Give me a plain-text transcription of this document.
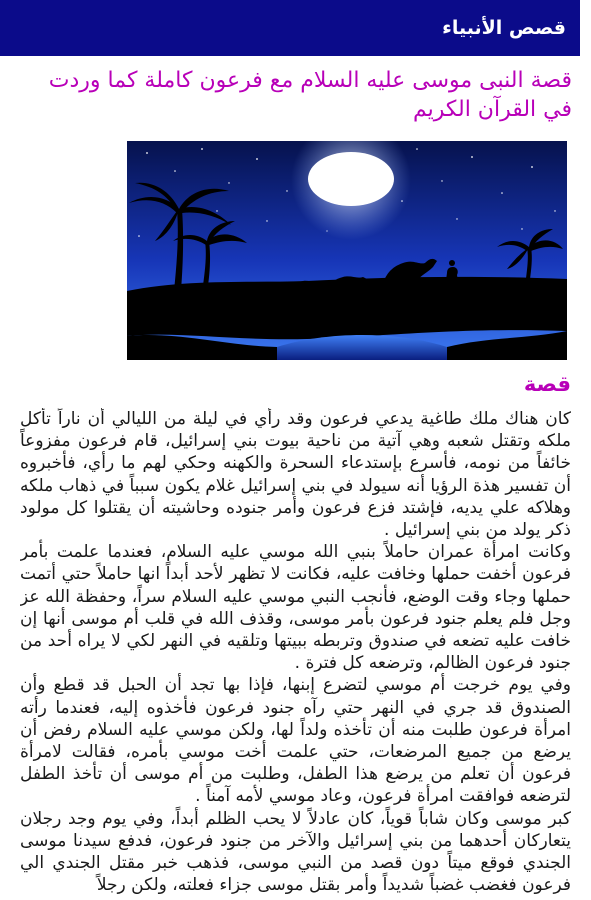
قصص الأنبياء
قصة النبى موسى عليه السلام مع فرعون كاملة كما وردت في القرآن الكريم
قصة
كان هناك ملك طاغية يدعي فرعون وقد رأي في ليلة من الليالي أن ناراً تأكل ملكه وتقتل شعبه وهي آتية من ناحية بيوت بني إسرائيل، قام فرعون مفزوعاً خائفاً من نومه، فأسرع بإستدعاء السحرة والكهنه وحكي لهم ما رأي، فأخبروه أن تفسير هذة الرؤيا أنه سيولد في بني إسرائيل غلام يكون سبباً في ذهاب ملكه وهلاكه علي يديه، فإشتد فزع فرعون وأمر جنوده وحاشيته أن يقتلوا كل مولود ذكر يولد من بني إسرائيل .
وكانت امرأة عمران حاملاً بنبي الله موسي عليه السلام، فعندما علمت بأمر فرعون أخفت حملها وخافت عليه، فكانت لا تظهر لأحد أبداً انها حاملاً حتي أتمت حملها وجاء وقت الوضع، فأنجب النبي موسي عليه السلام سراً، وحفظة الله عز وجل فلم يعلم جنود فرعون بأمر موسى، وقذف الله في قلب أم موسى أنها إن خافت عليه تضعه في صندوق وتربطه ببيتها وتلقيه في النهر لكي لا يراه أحد من جنود فرعون الظالم، وترضعه كل فترة .
وفي يوم خرجت أم موسي لتضرع إبنها، فإذا بها تجد أن الحبل قد قطع وأن الصندوق قد جري في النهر حتي رآه جنود فرعون فأخذوه إليه، فعندما رأته امرأة فرعون طلبت منه أن تأخذه ولداً لها، ولكن موسي عليه السلام رفض أن يرضع من جميع المرضعات، حتي علمت أخت موسي بأمره، فقالت لامرأة فرعون أن تعلم من يرضع هذا الطفل، وطلبت من أم موسى أن تأخذ الطفل لترضعه فوافقت امرأة فرعون، وعاد موسي لأمه آمناً .
كبر موسى وكان شاباً قوياً، كان عادلاً لا يحب الظلم أبداً، وفي يوم وجد رجلان يتعاركان أحدهما من بني إسرائيل والآخر من جنود فرعون، فدفع سيدنا موسى الجندي فوقع ميتاً دون قصد من النبي موسى، فذهب خبر مقتل الجندي الي فرعون فغضب غضباً شديداً وأمر بقتل موسى جزاء فعلته، ولكن رجلاً
